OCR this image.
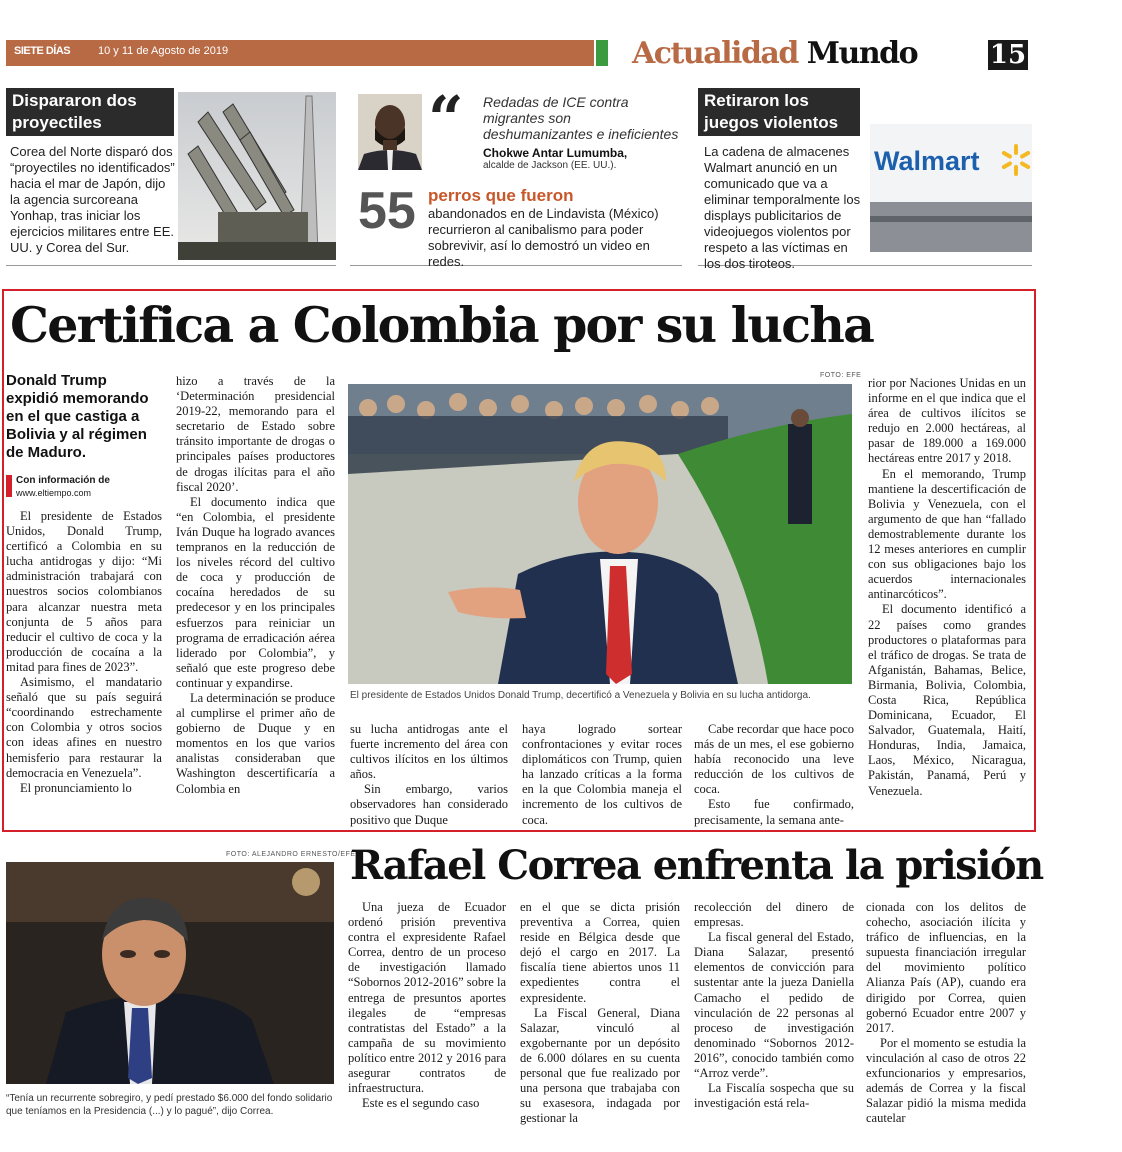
SIETE DÍAS	10 y 11 de Agosto de 2019	Actualidad Mundo	15
Dispararon dos proyectiles
Corea del Norte disparó dos “proyectiles no identificados” hacia el mar de Japón, dijo la agencia surcoreana Yonhap, tras iniciar los ejercicios militares entre EE. UU. y Corea del Sur.
“ Redadas de ICE contra migrantes son deshumanizantes e ineficientes
Chokwe Antar Lumumba,
alcalde de Jackson (EE. UU.).
55 perros que fueron
abandonados en de Lindavista (México) recurrieron al canibalismo para poder sobrevivir, así lo demostró un video en redes.
Retiraron los juegos violentos
La cadena de almacenes Walmart anunció en un comunicado que va a eliminar temporalmente los displays publicitarios de videojuegos violentos por respeto a las víctimas en los dos tiroteos.
Walmart
Certifica a Colombia por su lucha
Donald Trump expidió memorando en el que castiga a Bolivia y al régimen de Maduro.
Con información de
www.eltiempo.com

El presidente de Estados Unidos, Donald Trump, certificó a Colombia en su lucha antidrogas y dijo: “Mi administración trabajará con nuestros socios colombianos para alcanzar nuestra meta conjunta de 5 años para reducir el cultivo de coca y la producción de cocaína a la mitad para fines de 2023”.

Asimismo, el mandatario señaló que su país seguirá “coordinando estrechamente con Colombia y otros socios con ideas afines en nuestro hemisferio para restaurar la democracia en Venezuela”.

El pronunciamiento lo

hizo a través de la ‘Determinación presidencial 2019-22, memorando para el secretario de Estado sobre tránsito importante de drogas o principales países productores de drogas ilícitas para el año fiscal 2020’.

El documento indica que “en Colombia, el presidente Iván Duque ha logrado avances tempranos en la reducción de los niveles récord del cultivo de coca y producción de cocaína heredados de su predecesor y en los principales esfuerzos para reiniciar un programa de erradicación aérea liderado por Colombia”, y señaló que este progreso debe continuar y expandirse.

La determinación se produce al cumplirse el primer año de gobierno de Duque y en momentos en los que varios analistas consideraban que Washington descertificaría a Colombia en

FOTO: EFE
El presidente de Estados Unidos Donald Trump, decertificó a Venezuela y Bolivia en su lucha antidorga.

su lucha antidrogas ante el fuerte incremento del área con cultivos ilícitos en los últimos años.

Sin embargo, varios observadores han considerado positivo que Duque

haya logrado sortear confrontaciones y evitar roces diplomáticos con Trump, quien ha lanzado críticas a la forma en la que Colombia maneja el incremento de los cultivos de coca.

Cabe recordar que hace poco más de un mes, el ese gobierno había reconocido una leve reducción de los cultivos de coca.

Esto fue confirmado, precisamente, la semana ante-

rior por Naciones Unidas en un informe en el que indica que el área de cultivos ilícitos se redujo en 2.000 hectáreas, al pasar de 189.000 a 169.000 hectáreas entre 2017 y 2018.

En el memorando, Trump mantiene la descertificación de Bolivia y Venezuela, con el argumento de que han “fallado demostrablemente durante los 12 meses anteriores en cumplir con sus obligaciones bajo los acuerdos internacionales antinarcóticos”.

El documento identificó a 22 países como grandes productores o plataformas para el tráfico de drogas. Se trata de Afganistán, Bahamas, Belice, Birmania, Bolivia, Colombia, Costa Rica, República Dominicana, Ecuador, El Salvador, Guatemala, Haití, Honduras, India, Jamaica, Laos, México, Nicaragua, Pakistán, Panamá, Perú y Venezuela.

FOTO: ALEJANDRO ERNESTO/EFE
“Tenía un recurrente sobregiro, y pedí prestado $6.000 del fondo solidario que teníamos en la Presidencia (...) y lo pagué”, dijo Correa.
Rafael Correa enfrenta la prisión

Una jueza de Ecuador ordenó prisión preventiva contra el expresidente Rafael Correa, dentro de un proceso de investigación llamado “Sobornos 2012-2016” sobre la entrega de presuntos aportes ilegales de “empresas contratistas del Estado” a la campaña de su movimiento político entre 2012 y 2016 para asegurar contratos de infraestructura.

Este es el segundo caso

en el que se dicta prisión preventiva a Correa, quien reside en Bélgica desde que dejó el cargo en 2017. La fiscalía tiene abiertos unos 11 expedientes contra el expresidente.

La Fiscal General, Diana Salazar, vinculó al exgobernante por un depósito de 6.000 dólares en su cuenta personal que fue realizado por una persona que trabajaba con su exasesora, indagada por gestionar la

recolección del dinero de empresas.

La fiscal general del Estado, Diana Salazar, presentó elementos de convicción para sustentar ante la jueza Daniella Camacho el pedido de vinculación de 22 personas al proceso de investigación denominado “Sobornos 2012- 2016”, conocido también como “Arroz verde”.

La Fiscalía sospecha que su investigación está rela-

cionada con los delitos de cohecho, asociación ilícita y tráfico de influencias, en la supuesta financiación irregular del movimiento político Alianza País (AP), cuando era dirigido por Correa, quien gobernó Ecuador entre 2007 y 2017.

Por el momento se estudia la vinculación al caso de otros 22 exfuncionarios y empresarios, además de Correa y la fiscal Salazar pidió la misma medida cautelar
